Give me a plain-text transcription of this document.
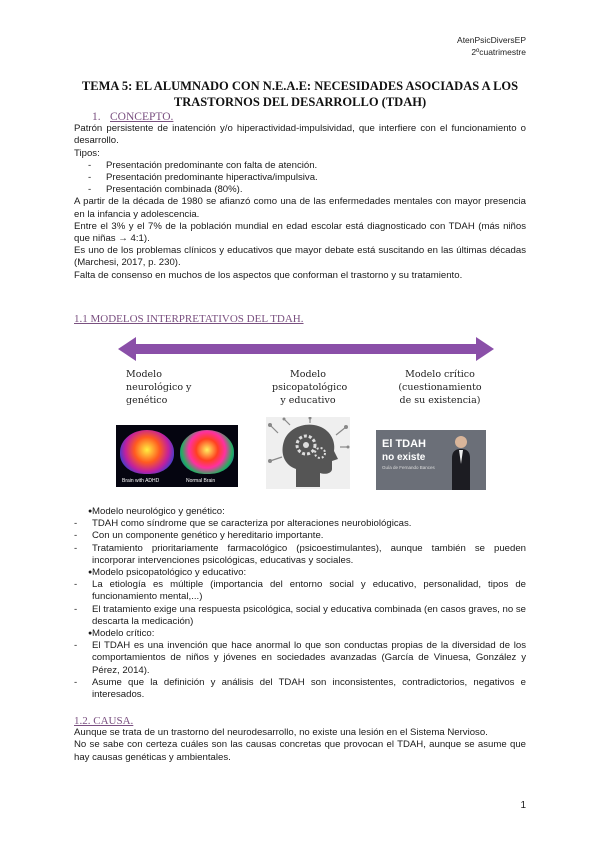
AtenPsicDiversEP
2ºcuatrimestre
TEMA 5: EL ALUMNADO CON N.E.A.E: NECESIDADES ASOCIADAS A LOS TRASTORNOS DEL DESARROLLO (TDAH)
1. CONCEPTO.
Patrón persistente de inatención y/o hiperactividad-impulsividad, que interfiere con el funcionamiento o desarrollo.
Tipos:
- Presentación predominante con falta de atención.
- Presentación predominante hiperactiva/impulsiva.
- Presentación combinada (80%).
A partir de la década de 1980 se afianzó como una de las enfermedades mentales con mayor presencia en la infancia y adolescencia.
Entre el 3% y el 7% de la población mundial en edad escolar está diagnosticado con TDAH (más niños que niñas → 4:1).
Es uno de los problemas clínicos y educativos que mayor debate está suscitando en las últimas décadas (Marchesi, 2017, p. 230).
Falta de consenso en muchos de los aspectos que conforman el trastorno y su tratamiento.
1.1 MODELOS INTERPRETATIVOS DEL TDAH.
Modelo
neurológico y
genético
Modelo
psicopatológico
y educativo
Modelo crítico
(cuestionamiento
de su existencia)
Brain with ADHD	Normal Brain
El TDAH
no existe
Guía de Fernando Bances
● Modelo neurológico y genético:
- TDAH como síndrome que se caracteriza por alteraciones neurobiológicas.
- Con un componente genético y hereditario importante.
- Tratamiento prioritariamente farmacológico (psicoestimulantes), aunque también se pueden incorporar intervenciones psicológicas, educativas y sociales.
● Modelo psicopatológico y educativo:
- La etiología es múltiple (importancia del entorno social y educativo, personalidad, tipos de funcionamiento mental,...)
- El tratamiento exige una respuesta psicológica, social y educativa combinada (en casos graves, no se descarta la medicación)
● Modelo crítico:
- El TDAH es una invención que hace anormal lo que son conductas propias de la diversidad de los comportamientos de niños y jóvenes en sociedades avanzadas (García de Vinuesa, González y Pérez, 2014).
- Asume que la definición y análisis del TDAH son inconsistentes, contradictorios, negativos e interesados.
1.2. CAUSA.
Aunque se trata de un trastorno del neurodesarrollo, no existe una lesión en el Sistema Nervioso.
No se sabe con certeza cuáles son las causas concretas que provocan el TDAH, aunque se asume que hay causas genéticas y ambientales.
1
